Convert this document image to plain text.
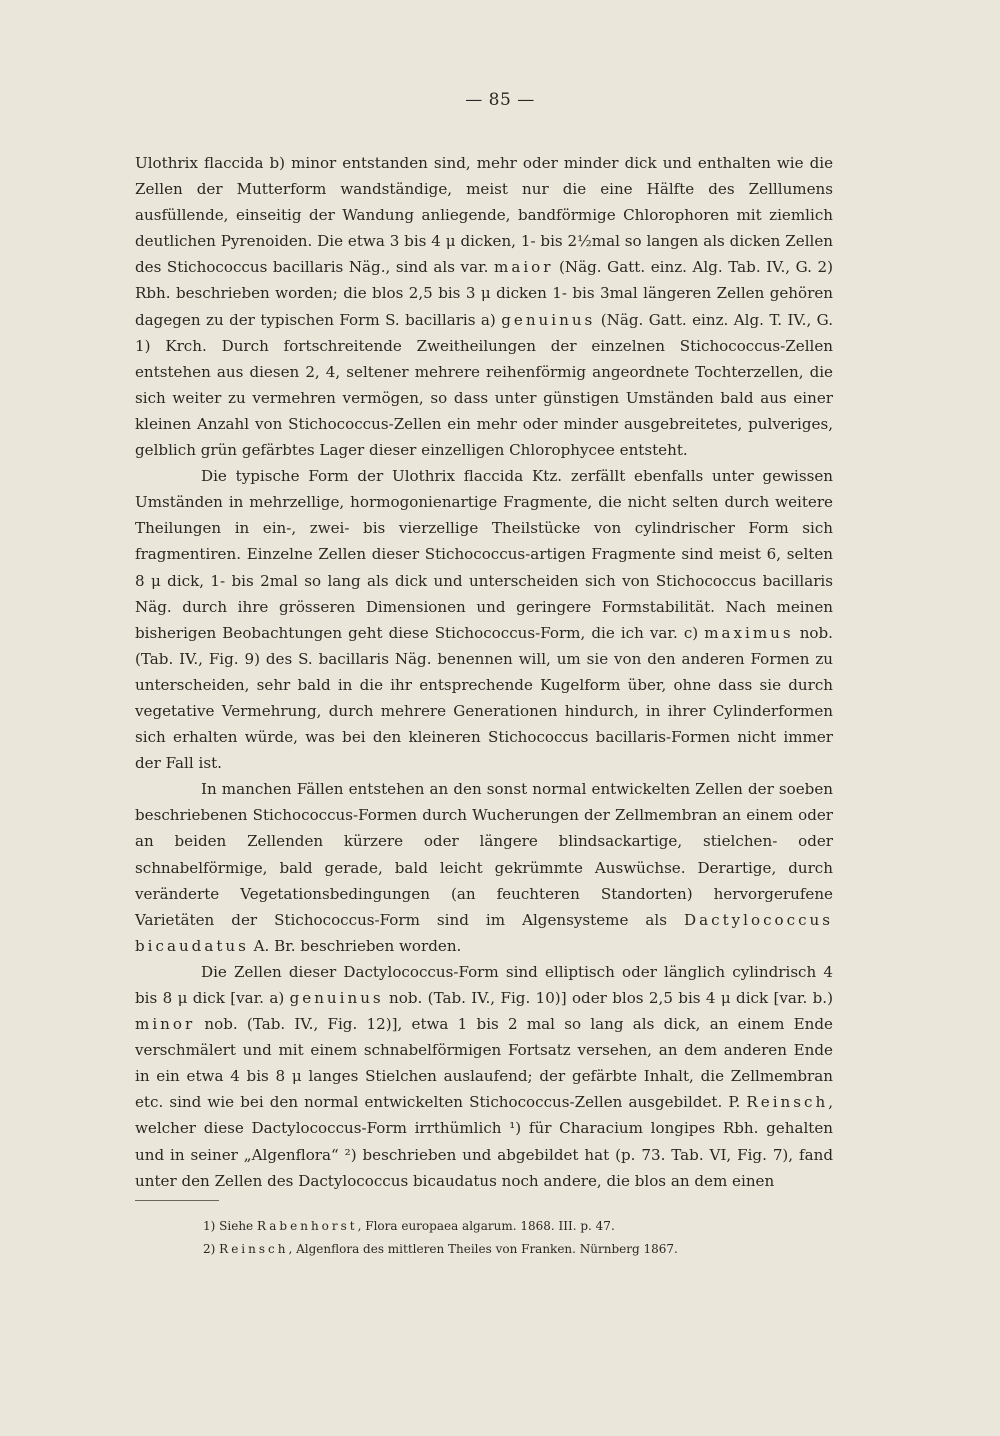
— 85 —

Ulothrix flaccida b) minor entstanden sind, mehr oder minder dick und enthalten wie die Zellen der Mutterform wandständige, meist nur die eine Hälfte des Zelllumens ausfüllende, einseitig der Wandung anliegende, bandförmige Chlorophoren mit ziemlich deutlichen Pyrenoiden. Die etwa 3 bis 4 μ dicken, 1- bis 2½mal so langen als dicken Zellen des Stichococcus bacillaris Näg., sind als var. maior (Näg. Gatt. einz. Alg. Tab. IV., G. 2) Rbh. beschrieben worden; die blos 2,5 bis 3 μ dicken 1- bis 3mal längeren Zellen gehören dagegen zu der typischen Form S. bacillaris a) genuinus (Näg. Gatt. einz. Alg. T. IV., G. 1) Krch. Durch fortschreitende Zweitheilungen der einzelnen Stichococcus-Zellen entstehen aus diesen 2, 4, seltener mehrere reihenförmig angeordnete Tochterzellen, die sich weiter zu vermehren vermögen, so dass unter günstigen Umständen bald aus einer kleinen Anzahl von Stichococcus-Zellen ein mehr oder minder ausgebreitetes, pulveriges, gelblich grün gefärbtes Lager dieser einzelligen Chlorophycee entsteht.

Die typische Form der Ulothrix flaccida Ktz. zerfällt ebenfalls unter gewissen Umständen in mehrzellige, hormogonienartige Fragmente, die nicht selten durch weitere Theilungen in ein-, zwei- bis vierzellige Theilstücke von cylindrischer Form sich fragmentiren. Einzelne Zellen dieser Stichococcus-artigen Fragmente sind meist 6, selten 8 μ dick, 1- bis 2mal so lang als dick und unterscheiden sich von Stichococcus bacillaris Näg. durch ihre grösseren Dimensionen und geringere Formstabilität. Nach meinen bisherigen Beobachtungen geht diese Stichococcus-Form, die ich var. c) maximus nob. (Tab. IV., Fig. 9) des S. bacillaris Näg. benennen will, um sie von den anderen Formen zu unterscheiden, sehr bald in die ihr entsprechende Kugelform über, ohne dass sie durch vegetative Vermehrung, durch mehrere Generationen hindurch, in ihrer Cylinderformen sich erhalten würde, was bei den kleineren Stichococcus bacillaris-Formen nicht immer der Fall ist.

In manchen Fällen entstehen an den sonst normal entwickelten Zellen der soeben beschriebenen Stichococcus-Formen durch Wucherungen der Zellmembran an einem oder an beiden Zellenden kürzere oder längere blindsackartige, stielchen- oder schnabelförmige, bald gerade, bald leicht gekrümmte Auswüchse. Derartige, durch veränderte Vegetationsbedingungen (an feuchteren Standorten) hervorgerufene Varietäten der Stichococcus-Form sind im Algensysteme als Dactylococcus bicaudatus A. Br. beschrieben worden.

Die Zellen dieser Dactylococcus-Form sind elliptisch oder länglich cylindrisch 4 bis 8 μ dick [var. a) genuinus nob. (Tab. IV., Fig. 10)] oder blos 2,5 bis 4 μ dick [var. b.) minor nob. (Tab. IV., Fig. 12)], etwa 1 bis 2 mal so lang als dick, an einem Ende verschmälert und mit einem schnabelförmigen Fortsatz versehen, an dem anderen Ende in ein etwa 4 bis 8 μ langes Stielchen auslaufend; der gefärbte Inhalt, die Zellmembran etc. sind wie bei den normal entwickelten Stichococcus-Zellen ausgebildet. P. Reinsch, welcher diese Dactylococcus-Form irrthümlich ¹) für Characium longipes Rbh. gehalten und in seiner „Algenflora“ ²) beschrieben und abgebildet hat (p. 73. Tab. VI, Fig. 7), fand unter den Zellen des Dactylococcus bicaudatus noch andere, die blos an dem einen

1) Siehe Rabenhorst, Flora europaea algarum. 1868. III. p. 47.

2) Reinsch, Algenflora des mittleren Theiles von Franken. Nürnberg 1867.
